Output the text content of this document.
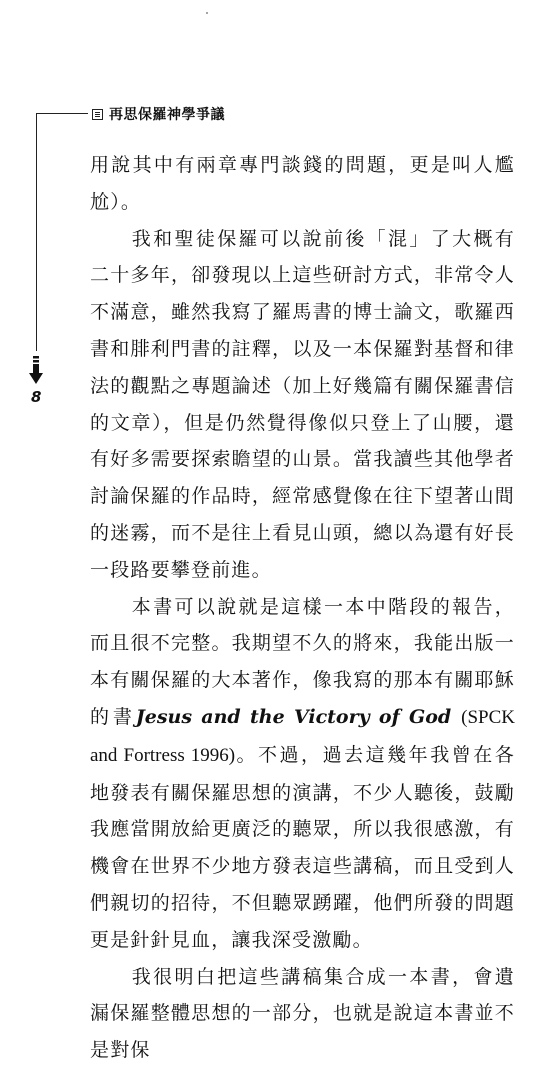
再思保羅神學爭議
8

用說其中有兩章專門談錢的問題，更是叫人尷尬）。

我和聖徒保羅可以說前後「混」了大概有二十多年，卻發現以上這些研討方式，非常令人不滿意，雖然我寫了羅馬書的博士論文，歌羅西書和腓利門書的註釋，以及一本保羅對基督和律法的觀點之專題論述（加上好幾篇有關保羅書信的文章），但是仍然覺得像似只登上了山腰，還有好多需要探索瞻望的山景。當我讀些其他學者討論保羅的作品時，經常感覺像在往下望著山間的迷霧，而不是往上看見山頭，總以為還有好長一段路要攀登前進。

本書可以說就是這樣一本中階段的報告，而且很不完整。我期望不久的將來，我能出版一本有關保羅的大本著作，像我寫的那本有關耶穌的書Jesus and the Victory of God (SPCK and Fortress 1996)。不過，過去這幾年我曾在各地發表有關保羅思想的演講，不少人聽後，鼓勵我應當開放給更廣泛的聽眾，所以我很感激，有機會在世界不少地方發表這些講稿，而且受到人們親切的招待，不但聽眾踴躍，他們所發的問題更是針針見血，讓我深受激勵。

我很明白把這些講稿集合成一本書，會遺漏保羅整體思想的一部分，也就是說這本書並不是對保
